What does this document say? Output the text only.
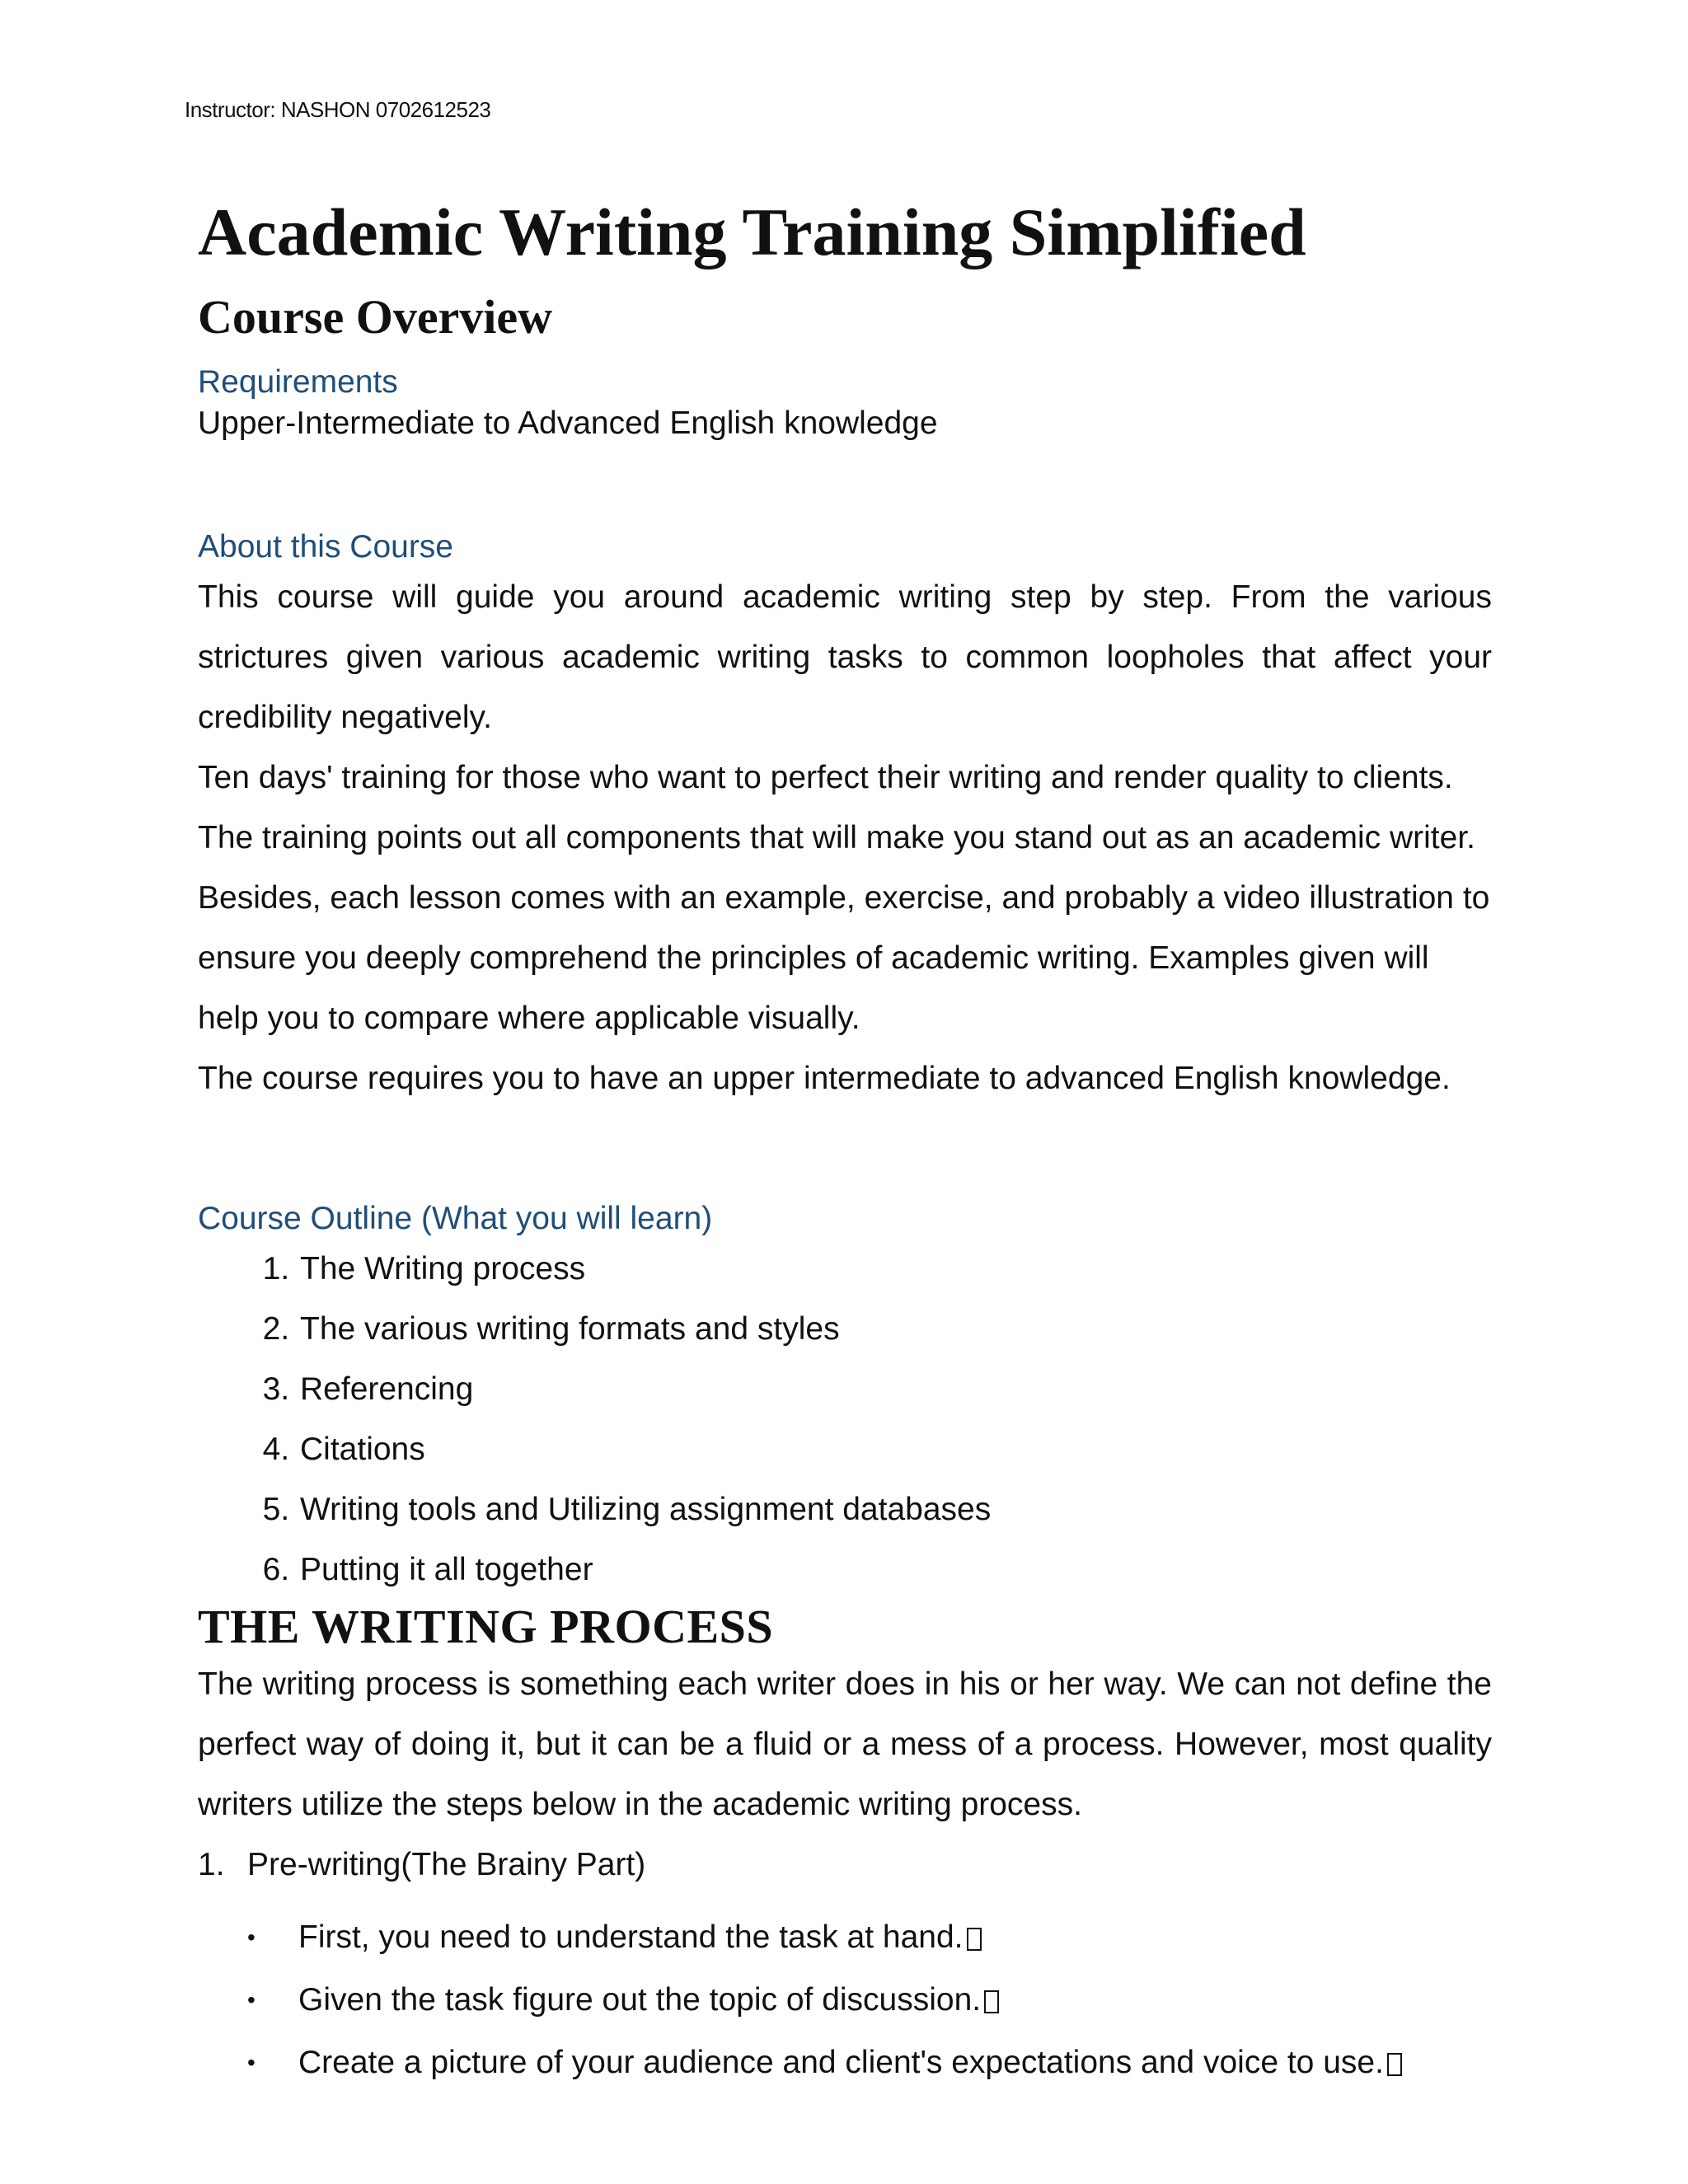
Instructor: NASHON 0702612523
Academic Writing Training Simplified
Course Overview

Requirements

Upper-Intermediate to Advanced English knowledge

About this Course

This course will guide you around academic writing step by step. From the various strictures given various academic writing tasks to common loopholes that affect your credibility negatively.

Ten days' training for those who want to perfect their writing and render quality to clients. The training points out all components that will make you stand out as an academic writer. Besides, each lesson comes with an example, exercise, and probably a video illustration to ensure you deeply comprehend the principles of academic writing. Examples given will help you to compare where applicable visually.

The course requires you to have an upper intermediate to advanced English knowledge.

Course Outline (What you will learn)

1. The Writing process
2. The various writing formats and styles
3. Referencing
4. Citations
5. Writing tools and Utilizing assignment databases
6. Putting it all together
THE WRITING PROCESS

The writing process is something each writer does in his or her way. We can not define the perfect way of doing it, but it can be a fluid or a mess of a process. However, most quality writers utilize the steps below in the academic writing process.

1. Pre-writing(The Brainy Part)

• First, you need to understand the task at hand.
• Given the task figure out the topic of discussion.
• Create a picture of your audience and client's expectations and voice to use.
